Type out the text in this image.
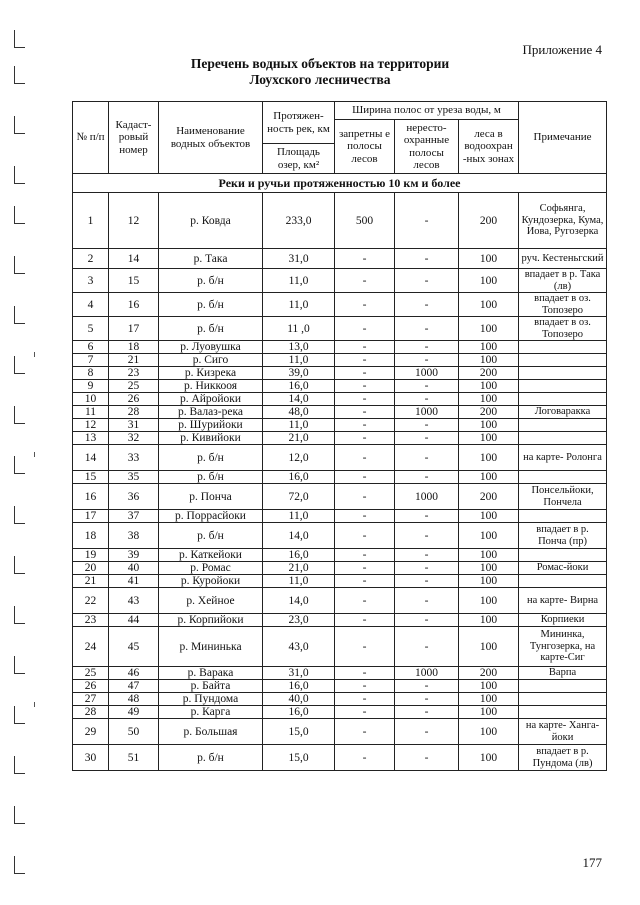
Приложение 4
Перечень водных объектов на территории
Лоухского лесничества
№ п/п	Кадаст-ровый номер	Наименование водных объектов	Протяжен-ность рек, км	Ширина полос от уреза воды, м			Примечание
				запретны е полосы лесов	нересто-охранные полосы лесов	леса в водоохран -ных зонах	
			Площадь озер, км²				
Реки и ручьи протяженностью 10 км и более							
1	12	р. Ковда	233,0	500	-	200	Софьянга, Кундозерка, Кума, Иова, Ругозерка
2	14	р. Така	31,0	-	-	100	руч. Кестеньгский
3	15	р. б/н	11,0	-	-	100	впадает в р. Така (лв)
4	16	р. б/н	11,0	-	-	100	впадает в оз. Топозеро
5	17	р. б/н	11 ,0	-	-	100	впадает в оз. Топозеро
6	18	р. Луовушка	13,0	-	-	100	
7	21	р. Сиго	11,0	-	-	100	
8	23	р. Кизрека	39,0	-	1000	200	
9	25	р. Никкооя	16,0	-	-	100	
10	26	р. Айройоки	14,0	-	-	100	
11	28	р. Валаз-река	48,0	-	1000	200	Логоваракка
12	31	р. Шурийоки	11,0	-	-	100	
13	32	р. Кивийоки	21,0	-	-	100	
14	33	р. б/н	12,0	-	-	100	на карте- Ролонга
15	35	р. б/н	16,0	-	-	100	
16	36	р. Понча	72,0	-	1000	200	Понсельйоки, Пончела
17	37	р. Поррасйоки	11,0	-	-	100	
18	38	р. б/н	14,0	-	-	100	впадает в р. Понча (пр)
19	39	р. Каткейоки	16,0	-	-	100	
20	40	р. Ромас	21,0	-	-	100	Ромас-йоки
21	41	р. Куройоки	11,0	-	-	100	
22	43	р. Хейное	14,0	-	-	100	на карте- Вирна
23	44	р. Корпийоки	23,0	-	-	100	Корпиеки
24	45	р. Мининька	43,0	-	-	100	Мининка, Тунгозерка, на карте-Сиг
25	46	р. Варака	31,0	-	1000	200	Варпа
26	47	р. Байта	16,0	-	-	100	
27	48	р. Пундома	40,0	-	-	100	
28	49	р. Карга	16,0	-	-	100	
29	50	р. Большая	15,0	-	-	100	на карте- Ханга-йоки
30	51	р. б/н	15,0	-	-	100	впадает в р. Пундома (лв)
177
